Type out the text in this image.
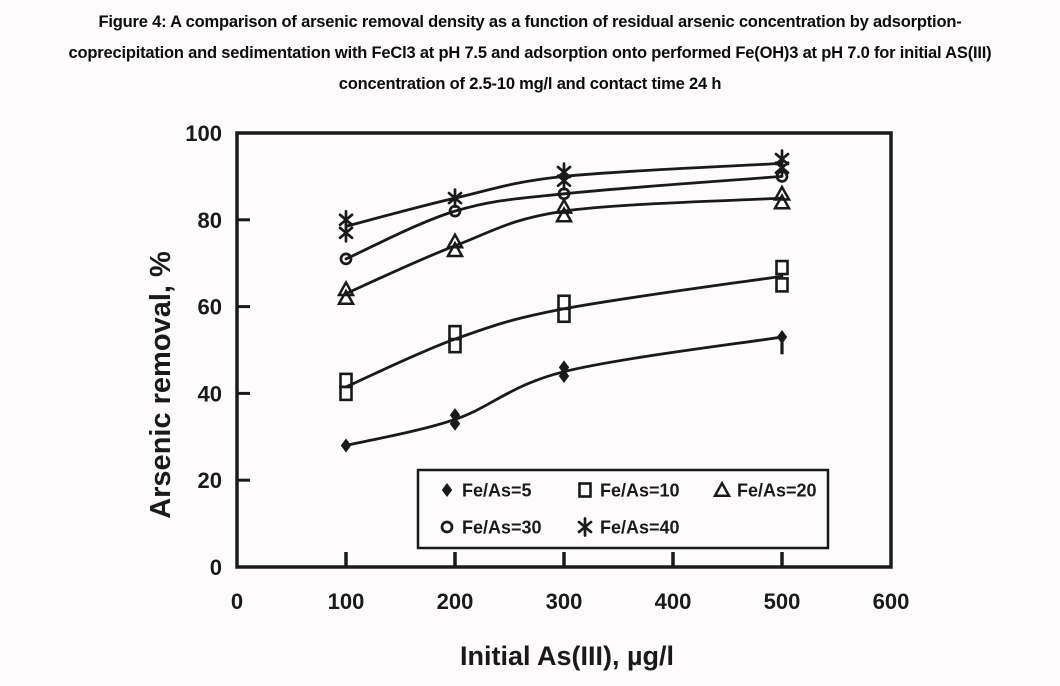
Figure 4: A comparison of arsenic removal density as a function of residual arsenic concentration by adsorption-
coprecipitation and sedimentation with FeCl3 at pH 7.5 and adsorption onto performed Fe(OH)3 at pH 7.0 for initial AS(III)
concentration of 2.5-10 mg/l and contact time 24 h
0
20
40
60
80
100
0	100	200	300	400	500	600
Initial As(III), µg/l
Arsenic removal, %	Fe/As=5	Fe/As=10	Fe/As=20
Fe/As=30	Fe/As=40
